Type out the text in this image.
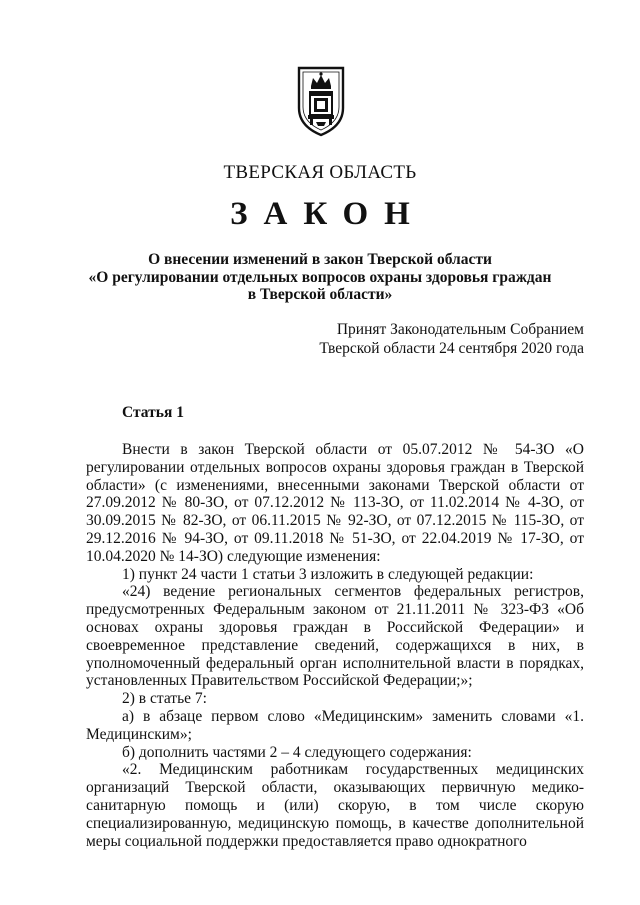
ТВЕРСКАЯ ОБЛАСТЬ
ЗАКОН
О внесении изменений в закон Тверской области
«О регулировании отдельных вопросов охраны здоровья граждан
в Тверской области»
Принят Законодательным Собранием
Тверской области 24 сентября 2020 года
Статья 1

Внести в закон Тверской области от 05.07.2012 № 54-ЗО «О регулировании отдельных вопросов охраны здоровья граждан в Тверской области» (с изменениями, внесенными законами Тверской области от 27.09.2012 № 80-ЗО, от 07.12.2012 № 113-ЗО, от 11.02.2014 № 4-ЗО, от 30.09.2015 № 82-ЗО, от 06.11.2015 № 92-ЗО, от 07.12.2015 № 115-ЗО, от 29.12.2016 № 94-ЗО, от 09.11.2018 № 51-ЗО, от 22.04.2019 № 17-ЗО, от 10.04.2020 № 14-ЗО) следующие изменения:

1) пункт 24 части 1 статьи 3 изложить в следующей редакции:

«24) ведение региональных сегментов федеральных регистров, предусмотренных Федеральным законом от 21.11.2011 № 323-ФЗ «Об основах охраны здоровья граждан в Российской Федерации» и своевременное представление сведений, содержащихся в них, в уполномоченный федеральный орган исполнительной власти в порядках, установленных Правительством Российской Федерации;»;

2) в статье 7:

а) в абзаце первом слово «Медицинским» заменить словами «1. Медицинским»;

б) дополнить частями 2 – 4 следующего содержания:

«2. Медицинским работникам государственных медицинских организаций Тверской области, оказывающих первичную медико-санитарную помощь и (или) скорую, в том числе скорую специализированную, медицинскую помощь, в качестве дополнительной меры социальной поддержки предоставляется право однократного
